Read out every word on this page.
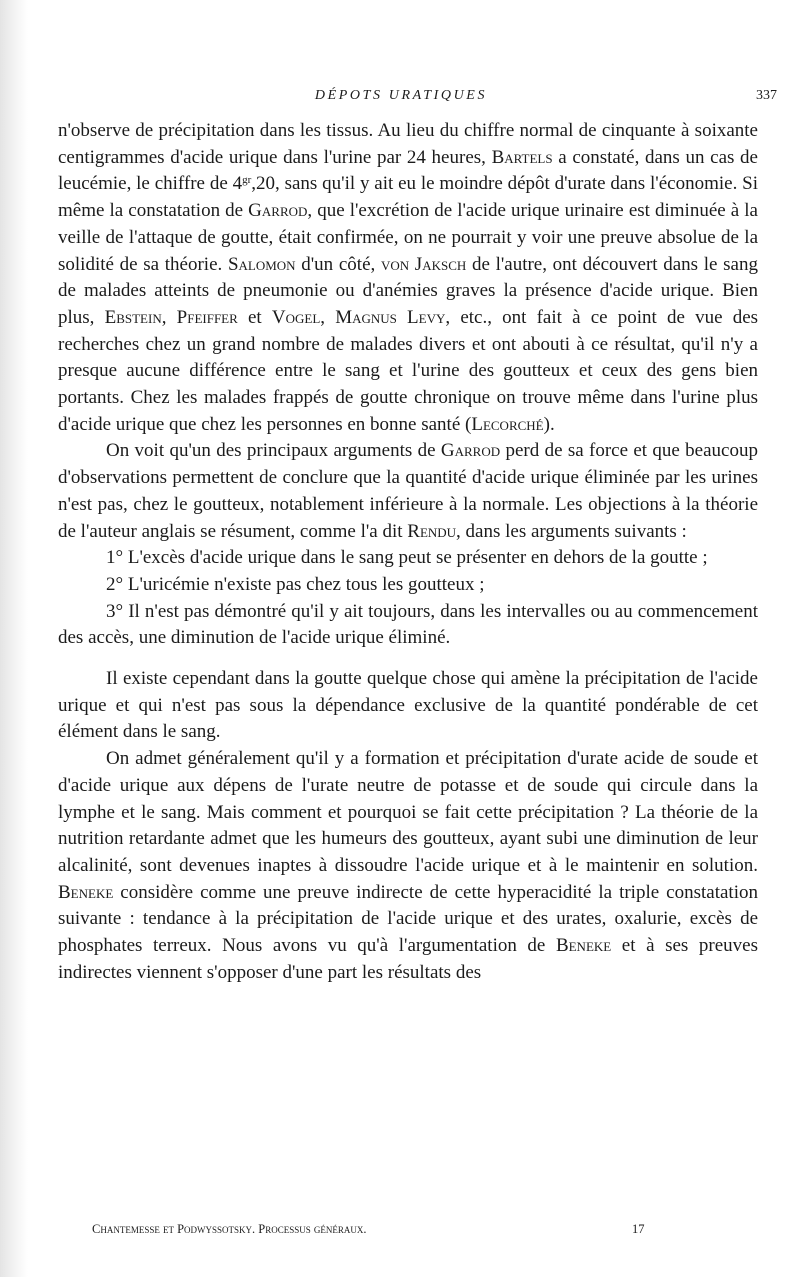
DÉPOTS URATIQUES	337

n'observe de précipitation dans les tissus. Au lieu du chiffre normal de cinquante à soixante centigrammes d'acide urique dans l'urine par 24 heures, Bartels a constaté, dans un cas de leucémie, le chiffre de $4^{gr},20$, sans qu'il y ait eu le moindre dépôt d'urate dans l'économie. Si même la constatation de Garrod, que l'excrétion de l'acide urique urinaire est diminuée à la veille de l'attaque de goutte, était confirmée, on ne pourrait y voir une preuve absolue de la solidité de sa théorie. Salomon d'un côté, von Jaksch de l'autre, ont découvert dans le sang de malades atteints de pneumonie ou d'anémies graves la présence d'acide urique. Bien plus, Ebstein, Pfeiffer et Vogel, Magnus Levy, etc., ont fait à ce point de vue des recherches chez un grand nombre de malades divers et ont abouti à ce résultat, qu'il n'y a presque aucune différence entre le sang et l'urine des goutteux et ceux des gens bien portants. Chez les malades frappés de goutte chronique on trouve même dans l'urine plus d'acide urique que chez les personnes en bonne santé (Lecorché).

On voit qu'un des principaux arguments de Garrod perd de sa force et que beaucoup d'observations permettent de conclure que la quantité d'acide urique éliminée par les urines n'est pas, chez le goutteux, notablement inférieure à la normale. Les objections à la théorie de l'auteur anglais se résument, comme l'a dit Rendu, dans les arguments suivants :

1° L'excès d'acide urique dans le sang peut se présenter en dehors de la goutte ;

2° L'uricémie n'existe pas chez tous les goutteux ;

3° Il n'est pas démontré qu'il y ait toujours, dans les intervalles ou au commencement des accès, une diminution de l'acide urique éliminé.

Il existe cependant dans la goutte quelque chose qui amène la précipitation de l'acide urique et qui n'est pas sous la dépendance exclusive de la quantité pondérable de cet élément dans le sang.

On admet généralement qu'il y a formation et précipitation d'urate acide de soude et d'acide urique aux dépens de l'urate neutre de potasse et de soude qui circule dans la lymphe et le sang. Mais comment et pourquoi se fait cette précipitation ? La théorie de la nutrition retardante admet que les humeurs des goutteux, ayant subi une diminution de leur alcalinité, sont devenues inaptes à dissoudre l'acide urique et à le maintenir en solution. Beneke considère comme une preuve indirecte de cette hyperacidité la triple constatation suivante : tendance à la précipitation de l'acide urique et des urates, oxalurie, excès de phosphates terreux. Nous avons vu qu'à l'argumentation de Beneke et à ses preuves indirectes viennent s'opposer d'une part les résultats des

Chantemesse et Podwyssotsky. Processus généraux.	17
